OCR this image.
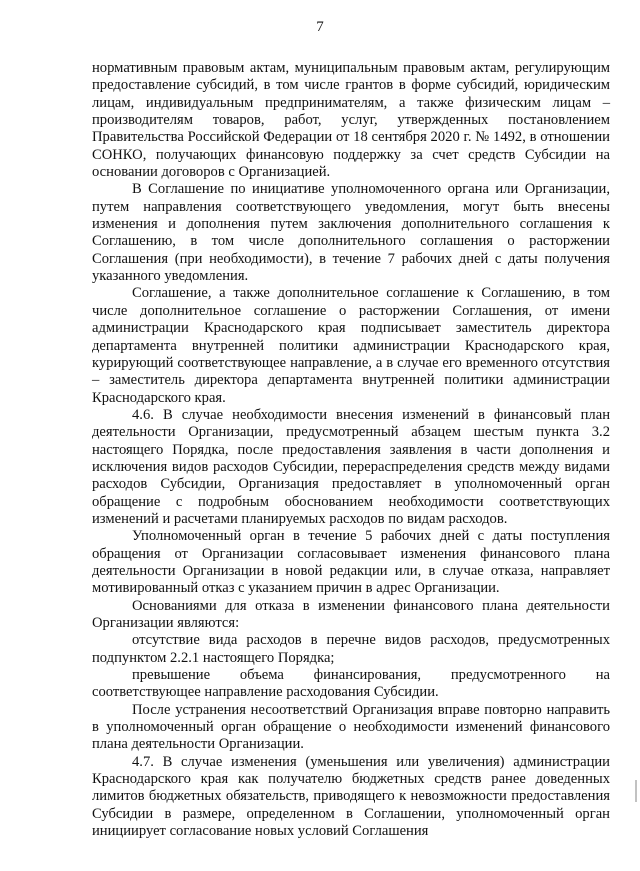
7

нормативным правовым актам, муниципальным правовым актам, регулирующим предоставление субсидий, в том числе грантов в форме субсидий, юридическим лицам, индивидуальным предпринимателям, а также физическим лицам – производителям товаров, работ, услуг, утвержденных постановлением Правительства Российской Федерации от 18 сентября 2020 г. № 1492, в отношении СОНКО, получающих финансовую поддержку за счет средств Субсидии на основании договоров с Организацией.

В Соглашение по инициативе уполномоченного органа или Организации, путем направления соответствующего уведомления, могут быть внесены изменения и дополнения путем заключения дополнительного соглашения к Соглашению, в том числе дополнительного соглашения о расторжении Соглашения (при необходимости), в течение 7 рабочих дней с даты получения указанного уведомления.

Соглашение, а также дополнительное соглашение к Соглашению, в том числе дополнительное соглашение о расторжении Соглашения, от имени администрации Краснодарского края подписывает заместитель директора департамента внутренней политики администрации Краснодарского края, курирующий соответствующее направление, а в случае его временного отсутствия – заместитель директора департамента внутренней политики администрации Краснодарского края.

4.6. В случае необходимости внесения изменений в финансовый план деятельности Организации, предусмотренный абзацем шестым пункта 3.2 настоящего Порядка, после предоставления заявления в части дополнения и исключения видов расходов Субсидии, перераспределения средств между видами расходов Субсидии, Организация предоставляет в уполномоченный орган обращение с подробным обоснованием необходимости соответствующих изменений и расчетами планируемых расходов по видам расходов.

Уполномоченный орган в течение 5 рабочих дней с даты поступления обращения от Организации согласовывает изменения финансового плана деятельности Организации в новой редакции или, в случае отказа, направляет мотивированный отказ с указанием причин в адрес Организации.

Основаниями для отказа в изменении финансового плана деятельности Организации являются:

отсутствие вида расходов в перечне видов расходов, предусмотренных подпунктом 2.2.1 настоящего Порядка;

превышение объема финансирования, предусмотренного на соответствующее направление расходования Субсидии.

После устранения несоответствий Организация вправе повторно направить в уполномоченный орган обращение о необходимости изменений финансового плана деятельности Организации.

4.7. В случае изменения (уменьшения или увеличения) администрации Краснодарского края как получателю бюджетных средств ранее доведенных лимитов бюджетных обязательств, приводящего к невозможности предоставления Субсидии в размере, определенном в Соглашении, уполномоченный орган инициирует согласование новых условий Соглашения
